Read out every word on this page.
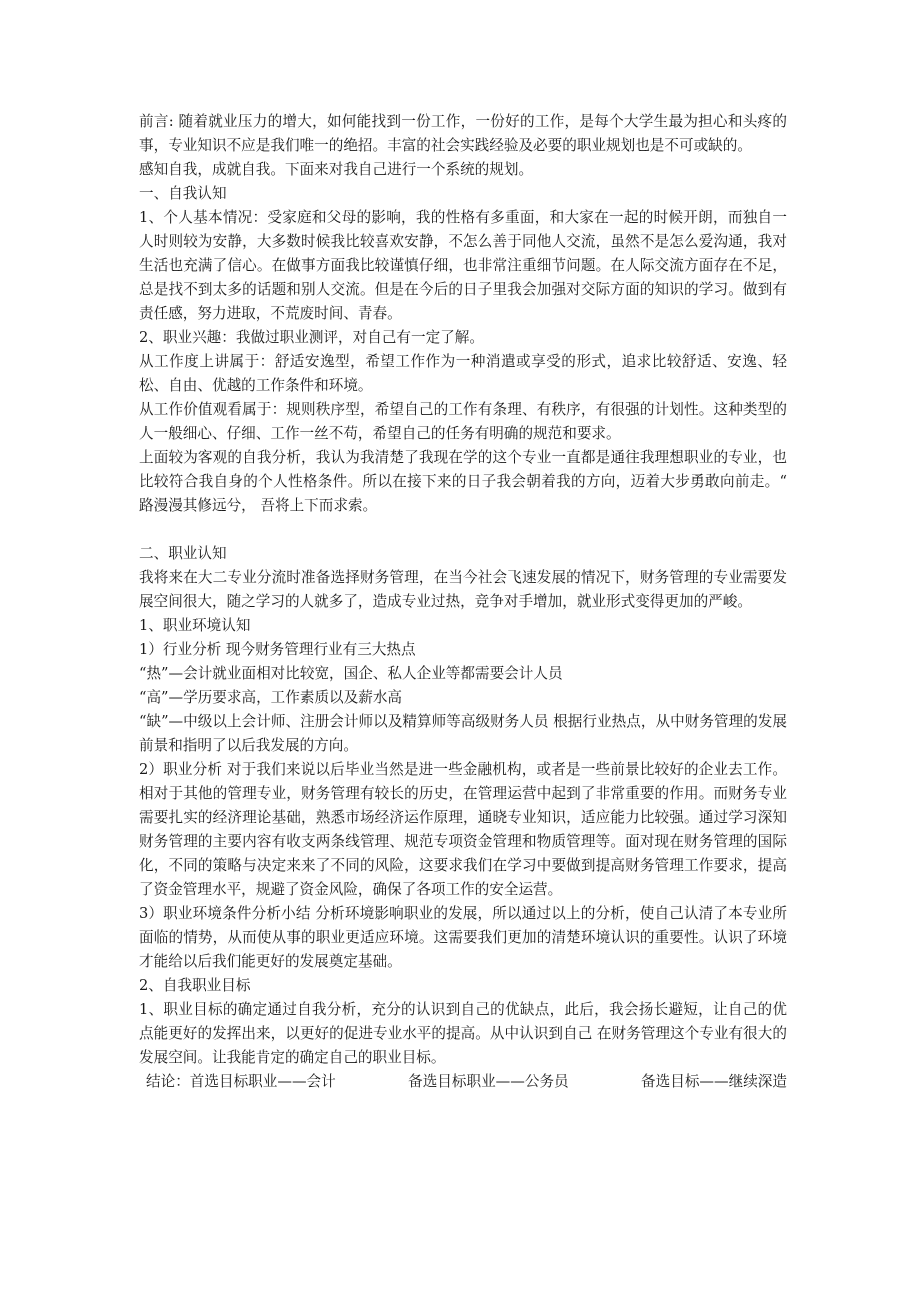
前言: 随着就业压力的增大，如何能找到一份工作，一份好的工作，是每个大学生最为担心和头疼的事，专业知识不应是我们唯一的绝招。丰富的社会实践经验及必要的职业规划也是不可或缺的。

感知自我，成就自我。下面来对我自己进行一个系统的规划。

一、自我认知

1、个人基本情况：受家庭和父母的影响，我的性格有多重面，和大家在一起的时候开朗，而独自一人时则较为安静，大多数时候我比较喜欢安静，不怎么善于同他人交流，虽然不是怎么爱沟通，我对生活也充满了信心。在做事方面我比较谨慎仔细，也非常注重细节问题。在人际交流方面存在不足，总是找不到太多的话题和别人交流。但是在今后的日子里我会加强对交际方面的知识的学习。做到有责任感，努力进取，不荒废时间、青春。

2、职业兴趣：我做过职业测评，对自己有一定了解。

从工作度上讲属于：舒适安逸型，希望工作作为一种消遣或享受的形式，追求比较舒适、安逸、轻松、自由、优越的工作条件和环境。

从工作价值观看属于：规则秩序型，希望自己的工作有条理、有秩序，有很强的计划性。这种类型的人一般细心、仔细、工作一丝不苟，希望自己的任务有明确的规范和要求。

上面较为客观的自我分析，我认为我清楚了我现在学的这个专业一直都是通往我理想职业的专业，也比较符合我自身的个人性格条件。所以在接下来的日子我会朝着我的方向，迈着大步勇敢向前走。“ 路漫漫其修远兮， 吾将上下而求索。

二、职业认知

我将来在大二专业分流时准备选择财务管理，在当今社会飞速发展的情况下，财务管理的专业需要发展空间很大，随之学习的人就多了，造成专业过热，竞争对手增加，就业形式变得更加的严峻。

1、职业环境认知

1）行业分析 现今财务管理行业有三大热点

“热”—会计就业面相对比较宽，国企、私人企业等都需要会计人员

“高”—学历要求高，工作素质以及薪水高

“缺”—中级以上会计师、注册会计师以及精算师等高级财务人员 根据行业热点，从中财务管理的发展前景和指明了以后我发展的方向。

2）职业分析 对于我们来说以后毕业当然是进一些金融机构，或者是一些前景比较好的企业去工作。相对于其他的管理专业，财务管理有较长的历史，在管理运营中起到了非常重要的作用。而财务专业需要扎实的经济理论基础，熟悉市场经济运作原理，通晓专业知识，适应能力比较强。通过学习深知财务管理的主要内容有收支两条线管理、规范专项资金管理和物质管理等。面对现在财务管理的国际化，不同的策略与决定来来了不同的风险，这要求我们在学习中要做到提高财务管理工作要求，提高了资金管理水平，规避了资金风险，确保了各项工作的安全运营。

3）职业环境条件分析小结 分析环境影响职业的发展，所以通过以上的分析，使自己认清了本专业所面临的情势，从而使从事的职业更适应环境。这需要我们更加的清楚环境认识的重要性。认识了环境才能给以后我们能更好的发展奠定基础。

2、自我职业目标

1、职业目标的确定通过自我分析，充分的认识到自己的优缺点，此后，我会扬长避短，让自己的优点能更好的发挥出来，以更好的促进专业水平的提高。从中认识到自己 在财务管理这个专业有很大的发展空间。让我能肯定的确定自己的职业目标。

结论：首选目标职业——会计	备选目标职业——公务员	备选目标——继续深造
